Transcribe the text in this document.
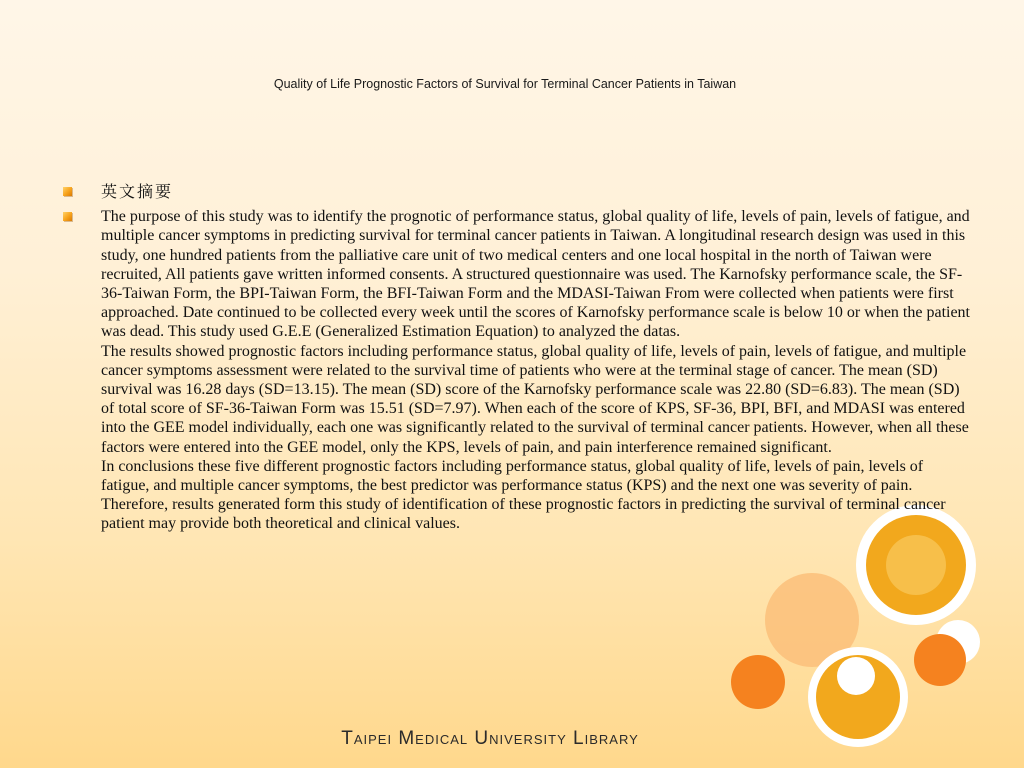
Quality of Life Prognostic Factors of Survival for Terminal Cancer Patients in Taiwan
英文摘要
The purpose of this study was to identify the prognotic of performance status, global quality of life, levels of pain, levels of fatigue, and multiple cancer symptoms in predicting survival for terminal cancer patients in Taiwan. A longitudinal research design was used in this study, one hundred patients from the palliative care unit of two medical centers and one local hospital in the north of Taiwan were recruited, All patients gave written informed consents. A structured questionnaire was used. The Karnofsky performance scale, the SF-36-Taiwan Form, the BPI-Taiwan Form, the BFI-Taiwan Form and the MDASI-Taiwan From were collected when patients were first approached. Date continued to be collected every week until the scores of Karnofsky performance scale is below 10 or when the patient was dead. This study used G.E.E (Generalized Estimation Equation) to analyzed the datas.
The results showed prognostic factors including performance status, global quality of life, levels of pain, levels of fatigue, and multiple cancer symptoms assessment were related to the survival time of patients who were at the terminal stage of cancer. The mean (SD) survival was 16.28 days (SD=13.15). The mean (SD) score of the Karnofsky performance scale was 22.80 (SD=6.83). The mean (SD) of total score of SF-36-Taiwan Form was 15.51 (SD=7.97). When each of the score of KPS, SF-36, BPI, BFI, and MDASI was entered into the GEE model individually, each one was significantly related to the survival of terminal cancer patients. However, when all these factors were entered into the GEE model, only the KPS, levels of pain, and pain interference remained significant.
In conclusions these five different prognostic factors including performance status, global quality of life, levels of pain, levels of fatigue, and multiple cancer symptoms, the best predictor was performance status (KPS) and the next one was severity of pain.
Therefore, results generated form this study of identification of these prognostic factors in predicting the survival of terminal cancer patient may provide both theoretical and clinical values.
Taipei Medical University Library
